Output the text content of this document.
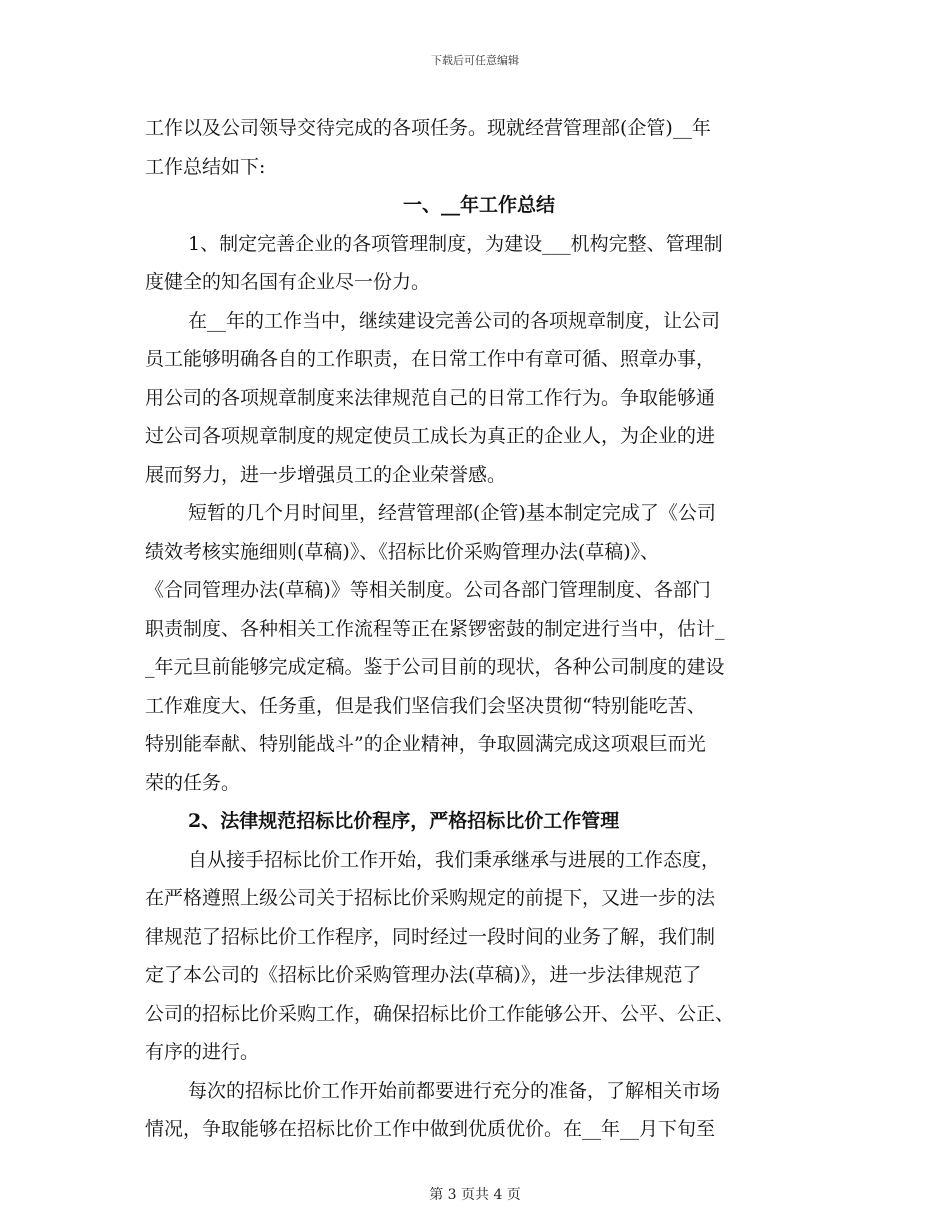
下载后可任意编辑
工作以及公司领导交待完成的各项任务。现就经营管理部(企管)__年
工作总结如下:
一、__年工作总结
1、制定完善企业的各项管理制度，为建设___机构完整、管理制
度健全的知名国有企业尽一份力。
在__年的工作当中，继续建设完善公司的各项规章制度，让公司
员工能够明确各自的工作职责，在日常工作中有章可循、照章办事，
用公司的各项规章制度来法律规范自己的日常工作行为。争取能够通
过公司各项规章制度的规定使员工成长为真正的企业人，为企业的进
展而努力，进一步增强员工的企业荣誉感。
短暂的几个月时间里，经营管理部(企管)基本制定完成了《公司
绩效考核实施细则(草稿)》、《招标比价采购管理办法(草稿)》、
《合同管理办法(草稿)》等相关制度。公司各部门管理制度、各部门
职责制度、各种相关工作流程等正在紧锣密鼓的制定进行当中，估计_
_年元旦前能够完成定稿。鉴于公司目前的现状，各种公司制度的建设
工作难度大、任务重，但是我们坚信我们会坚决贯彻“特别能吃苦、
特别能奉献、特别能战斗”的企业精神，争取圆满完成这项艰巨而光
荣的任务。
2、法律规范招标比价程序，严格招标比价工作管理
自从接手招标比价工作开始，我们秉承继承与进展的工作态度，
在严格遵照上级公司关于招标比价采购规定的前提下，又进一步的法
律规范了招标比价工作程序，同时经过一段时间的业务了解，我们制
定了本公司的《招标比价采购管理办法(草稿)》，进一步法律规范了
公司的招标比价采购工作，确保招标比价工作能够公开、公平、公正、
有序的进行。
每次的招标比价工作开始前都要进行充分的准备，了解相关市场
情况，争取能够在招标比价工作中做到优质优价。在__年__月下旬至
第 3 页共 4 页
